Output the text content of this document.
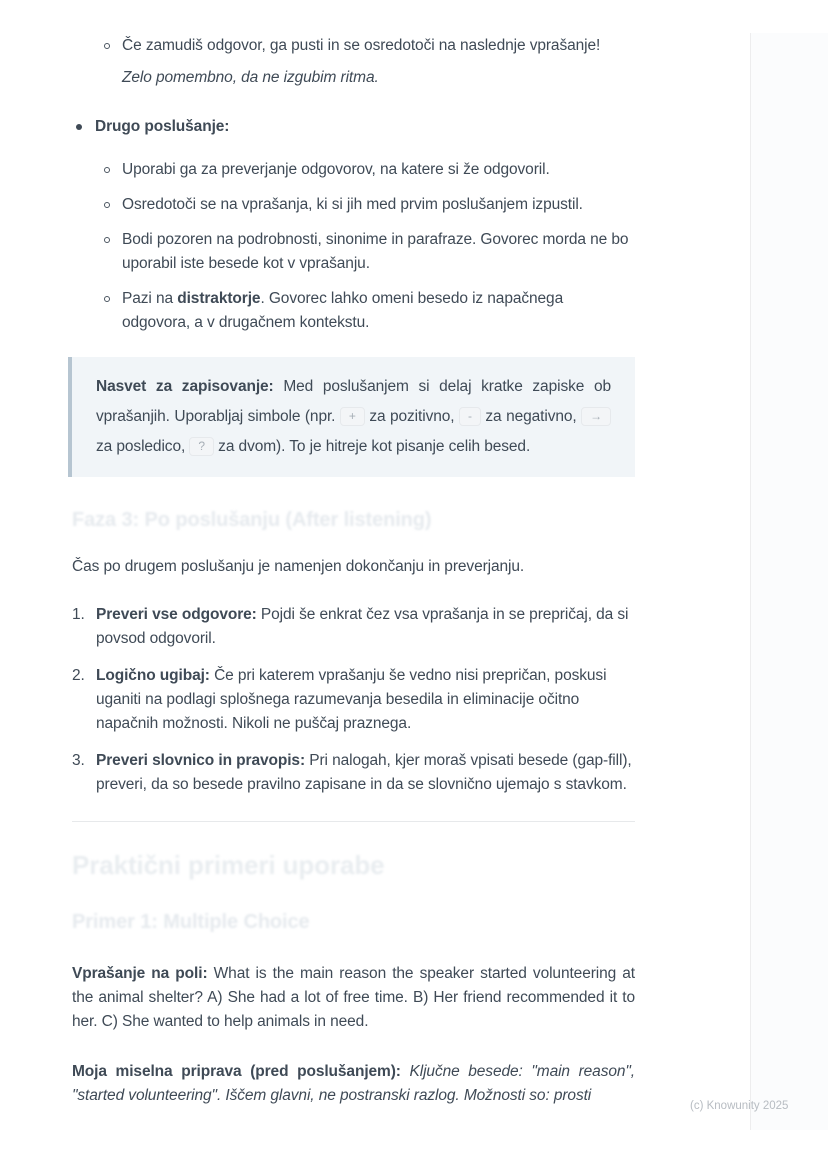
Če zamudiš odgovor, ga pusti in se osredotoči na naslednje vprašanje!
Zelo pomembno, da ne izgubim ritma.
Drugo poslušanje:
Uporabi ga za preverjanje odgovorov, na katere si že odgovoril.
Osredotoči se na vprašanja, ki si jih med prvim poslušanjem izpustil.
Bodi pozoren na podrobnosti, sinonime in parafraze. Govorec morda ne bo uporabil iste besede kot v vprašanju.
Pazi na distraktorje. Govorec lahko omeni besedo iz napačnega odgovora, a v drugačnem kontekstu.
Nasvet za zapisovanje: Med poslušanjem si delaj kratke zapiske ob vprašanjih. Uporabljaj simbole (npr. + za pozitivno, - za negativno, → za posledico, ? za dvom). To je hitreje kot pisanje celih besed.
Faza 3: Po poslušanju (After listening)
Čas po drugem poslušanju je namenjen dokončanju in preverjanju.
1. Preveri vse odgovore: Pojdi še enkrat čez vsa vprašanja in se prepričaj, da si povsod odgovoril.
2. Logično ugibaj: Če pri katerem vprašanju še vedno nisi prepričan, poskusi uganiti na podlagi splošnega razumevanja besedila in eliminacije očitno napačnih možnosti. Nikoli ne puščaj praznega.
3. Preveri slovnico in pravopis: Pri nalogah, kjer moraš vpisati besede (gap-fill), preveri, da so besede pravilno zapisane in da se slovnično ujemajo s stavkom.
Praktični primeri uporabe
Primer 1: Multiple Choice
Vprašanje na poli: What is the main reason the speaker started volunteering at the animal shelter? A) She had a lot of free time. B) Her friend recommended it to her. C) She wanted to help animals in need.
Moja miselna priprava (pred poslušanjem): Ključne besede: "main reason", "started volunteering". Iščem glavni, ne postranski razlog. Možnosti so: prosti
(c) Knowunity 2025
